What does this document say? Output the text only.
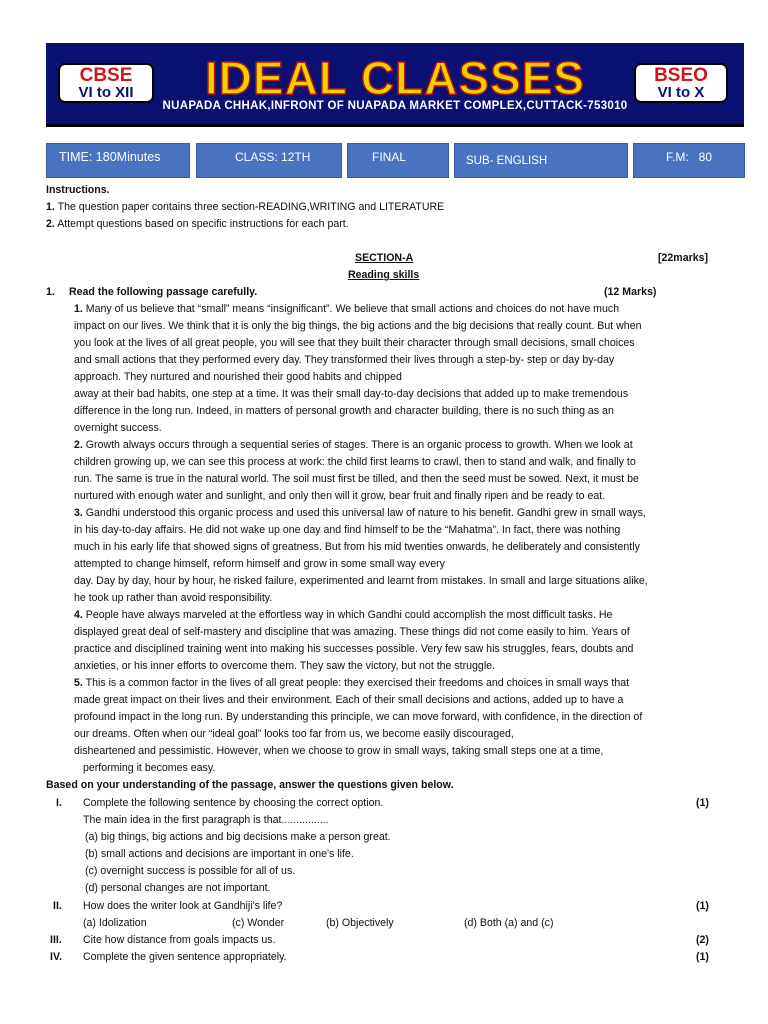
CBSE
VI to XII	IDEAL CLASSES	BSEO
VI to X
NUAPADA CHHAK,INFRONT OF NUAPADA MARKET COMPLEX,CUTTACK-753010
TIME: 180Minutes	CLASS: 12TH	FINAL	SUB- ENGLISH	F.M:   80
Instructions.
1. The question paper contains three section-READING,WRITING and LITERATURE
2. Attempt questions based on specific instructions for each part.
SECTION-A	[22marks]
Reading skills
1. Read the following passage carefully.	(12 Marks)
1. Many of us believe that “small” means “insignificant”. We believe that small actions and choices do not have much
impact on our lives. We think that it is only the big things, the big actions and the big decisions that really count. But when
you look at the lives of all great people, you will see that they built their character through small decisions, small choices
and small actions that they performed every day. They transformed their lives through a step-by- step or day by-day
approach. They nurtured and nourished their good habits and chipped
away at their bad habits, one step at a time. It was their small day-to-day decisions that added up to make tremendous
difference in the long run. Indeed, in matters of personal growth and character building, there is no such thing as an
overnight success.
2. Growth always occurs through a sequential series of stages. There is an organic process to growth. When we look at
children growing up, we can see this process at work: the child first learns to crawl, then to stand and walk, and finally to
run. The same is true in the natural world. The soil must first be tilled, and then the seed must be sowed. Next, it must be
nurtured with enough water and sunlight, and only then will it grow, bear fruit and finally ripen and be ready to eat.
3. Gandhi understood this organic process and used this universal law of nature to his benefit. Gandhi grew in small ways,
in his day-to-day affairs. He did not wake up one day and find himself to be the “Mahatma”. In fact, there was nothing
much in his early life that showed signs of greatness. But from his mid twenties onwards, he deliberately and consistently
attempted to change himself, reform himself and grow in some small way every
day. Day by day, hour by hour, he risked failure, experimented and learnt from mistakes. In small and large situations alike,
he took up rather than avoid responsibility.
4. People have always marveled at the effortless way in which Gandhi could accomplish the most difficult tasks. He
displayed great deal of self-mastery and discipline that was amazing. These things did not come easily to him. Years of
practice and disciplined training went into making his successes possible. Very few saw his struggles, fears, doubts and
anxieties, or his inner efforts to overcome them. They saw the victory, but not the struggle.
5. This is a common factor in the lives of all great people: they exercised their freedoms and choices in small ways that
made great impact on their lives and their environment. Each of their small decisions and actions, added up to have a
profound impact in the long run. By understanding this principle, we can move forward, with confidence, in the direction of
our dreams. Often when our “ideal goal” looks too far from us, we become easily discouraged,
disheartened and pessimistic. However, when we choose to grow in small ways, taking small steps one at a time,
performing it becomes easy.
Based on your understanding of the passage, answer the questions given below.
I. Complete the following sentence by choosing the correct option.	(1)
The main idea in the first paragraph is that................
(a) big things, big actions and big decisions make a person great.
(b) small actions and decisions are important in one's life.
(c) overnight success is possible for all of us.
(d) personal changes are not important.
II. How does the writer look at Gandhiji's life?	(1)
(a) Idolization	(c) Wonder	(b) Objectively	(d) Both (a) and (c)
III. Cite how distance from goals impacts us.	(2)
IV. Complete the given sentence appropriately.	(1)
